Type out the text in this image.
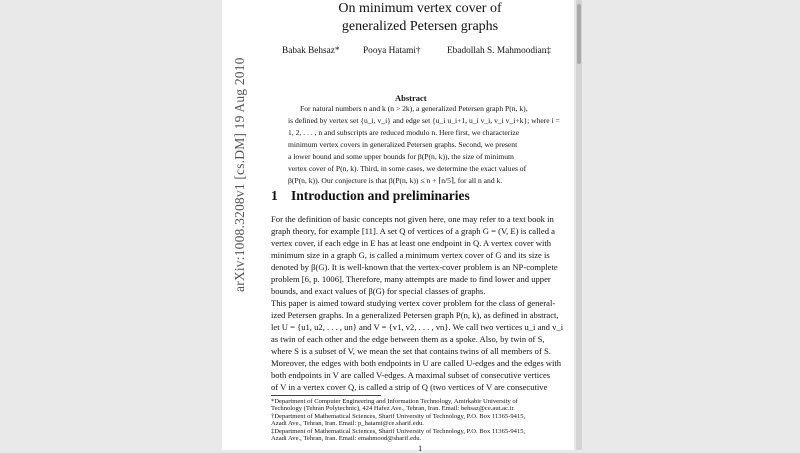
arXiv:1008.3208v1 [cs.DM] 19 Aug 2010
On minimum vertex cover of
generalized Petersen graphs
Babak Behsaz*	Pooya Hatami†	Ebadollah S. Mahmoodian‡
Abstract
For natural numbers n and k (n > 2k), a generalized Petersen graph P(n, k),
is defined by vertex set {u_i, v_i} and edge set {u_i u_i+1, u_i v_i, v_i v_i+k}; where i =
1, 2, . . . , n and subscripts are reduced modulo n. Here first, we characterize
minimum vertex covers in generalized Petersen graphs. Second, we present
a lower bound and some upper bounds for β(P(n, k)), the size of minimum
vertex cover of P(n, k). Third, in some cases, we determine the exact values of
β(P(n, k)). Our conjecture is that β(P(n, k)) ≤ n + ⌈n/5⌉, for all n and k.
1 Introduction and preliminaries
For the definition of basic concepts not given here, one may refer to a text book in
graph theory, for example [11]. A set Q of vertices of a graph G = (V, E) is called a
vertex cover, if each edge in E has at least one endpoint in Q. A vertex cover with
minimum size in a graph G, is called a minimum vertex cover of G and its size is
denoted by β(G). It is well-known that the vertex-cover problem is an NP-complete
problem [6, p. 1006]. Therefore, many attempts are made to find lower and upper
bounds, and exact values of β(G) for special classes of graphs.
This paper is aimed toward studying vertex cover problem for the class of general-
ized Petersen graphs. In a generalized Petersen graph P(n, k), as defined in abstract,
let U = {u1, u2, . . . , un} and V = {v1, v2, . . . , vn}. We call two vertices u_i and v_i
as twin of each other and the edge between them as a spoke. Also, by twin of S,
where S is a subset of V, we mean the set that contains twins of all members of S.
Moreover, the edges with both endpoints in U are called U-edges and the edges with
both endpoints in V are called V-edges. A maximal subset of consecutive vertices
of V in a vertex cover Q, is called a strip of Q (two vertices of V are consecutive
*Department of Computer Engineering and Information Technology, Amirkabir University of
Technology (Tehran Polytechnic), 424 Hafez Ave., Tehran, Iran. Email: behsaz@ce.aut.ac.ir.
†Department of Mathematical Sciences, Sharif University of Technology, P.O. Box 11365-9415,
Azadi Ave., Tehran, Iran. Email: p_hatami@ce.sharif.edu.
‡Department of Mathematical Sciences, Sharif University of Technology, P.O. Box 11365-9415,
Azadi Ave., Tehran, Iran. Email: emahmood@sharif.edu.
1
